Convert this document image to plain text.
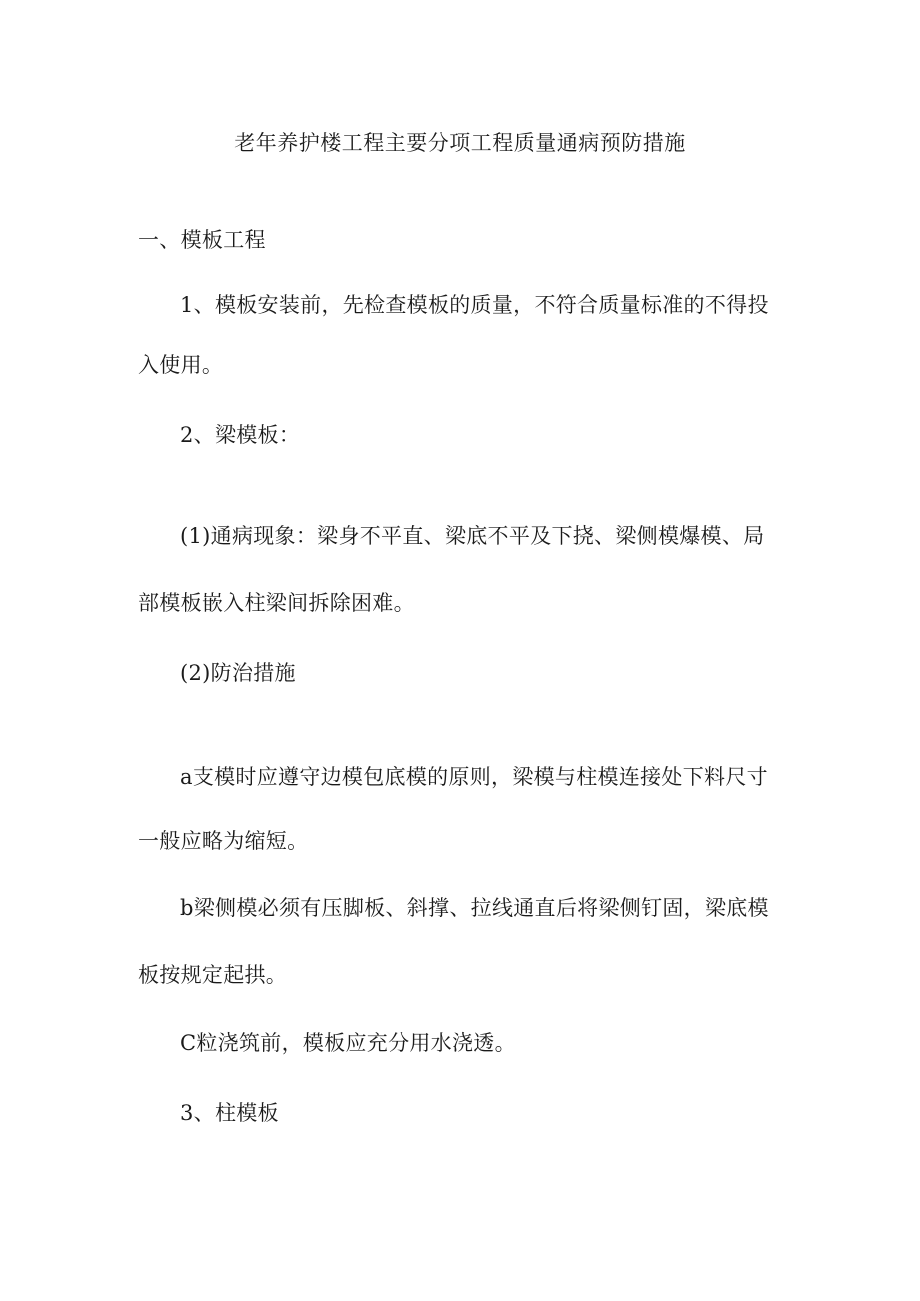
老年养护楼工程主要分项工程质量通病预防措施
一、模板工程
1、模板安装前，先检查模板的质量，不符合质量标准的不得投
入使用。
2、梁模板：
(1)通病现象：梁身不平直、梁底不平及下挠、梁侧模爆模、局
部模板嵌入柱梁间拆除困难。
(2)防治措施
a支模时应遵守边模包底模的原则，梁模与柱模连接处下料尺寸
一般应略为缩短。
b梁侧模必须有压脚板、斜撑、拉线通直后将梁侧钉固，梁底模
板按规定起拱。
C粒浇筑前，模板应充分用水浇透。
3、柱模板
